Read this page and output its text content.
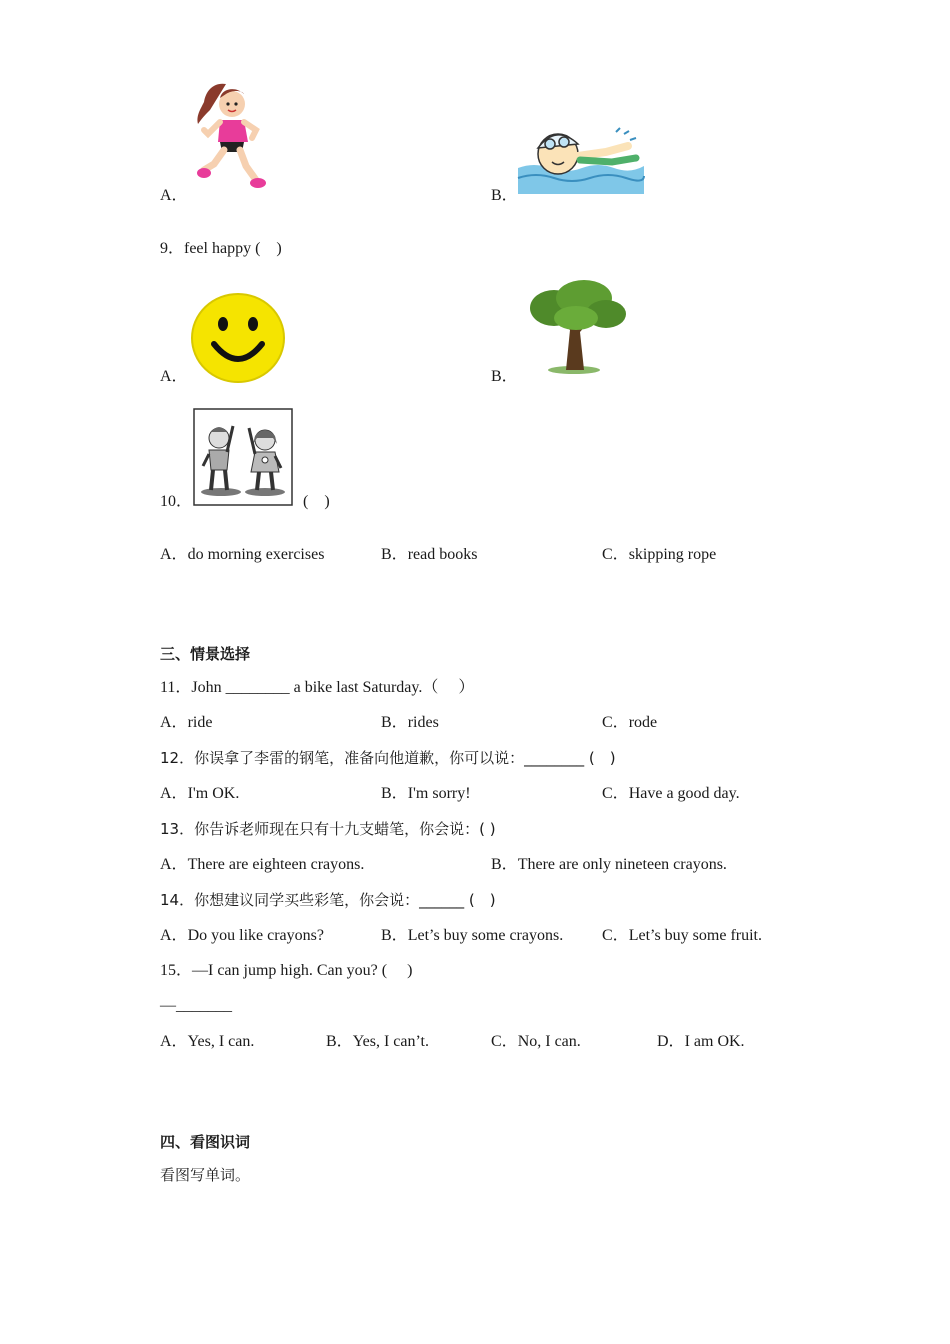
A．	B．
9．feel happy (　)
A．	B．
10．	(　)
A．do morning exercises	B．read books	C．skipping rope
三、情景选择
11．John ________ a bike last Saturday.（　 ）
A．ride	B．rides	C．rode
12．你误拿了李雷的钢笔，准备向他道歉，你可以说：________ (　)
A．I'm OK.	B．I'm sorry!	C．Have a good day.
13．你告诉老师现在只有十九支蜡笔，你会说：( )
A．There are eighteen crayons.	B．There are only nineteen crayons.
14．你想建议同学买些彩笔，你会说：______ (　)
A．Do you like crayons?	B．Let’s buy some crayons. C．Let’s buy some fruit.
15．—I can jump high. Can you? (　 )
—_______
A．Yes, I can.	B．Yes, I can’t.	C．No, I can.	D．I am OK.
四、看图识词
看图写单词。
